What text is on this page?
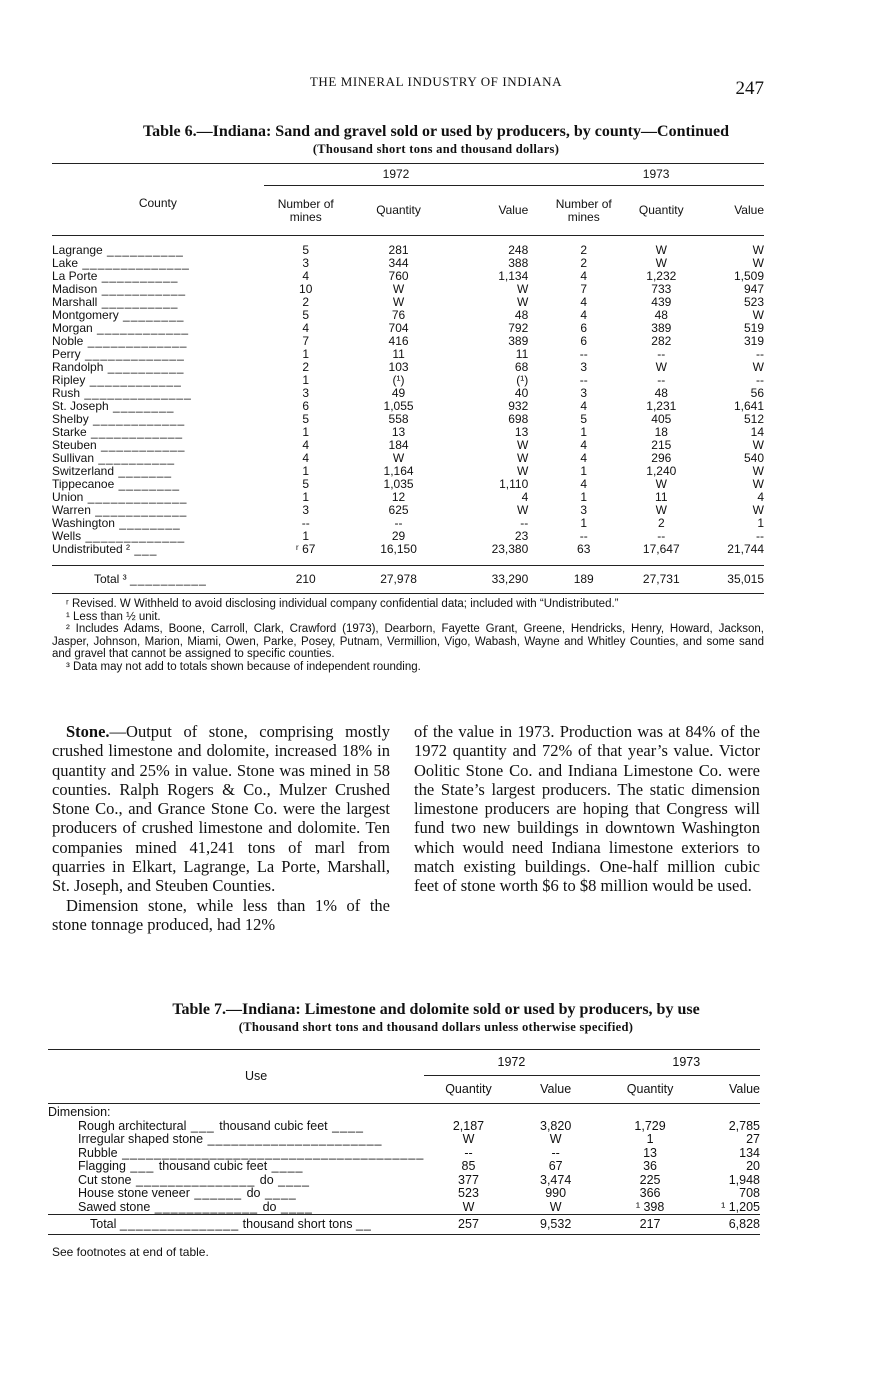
THE MINERAL INDUSTRY OF INDIANA	247
Table 6.—Indiana: Sand and gravel sold or used by producers, by county—Continued
(Thousand short tons and thousand dollars)
County	1972			1973		
	Number of mines	Quantity	Value	Number of mines	Quantity	Value

Lagrange __________	5	281	248	2	W	W
Lake ______________	3	344	388	2	W	W
La Porte __________	4	760	1,134	4	1,232	1,509
Madison ___________	10	W	W	7	733	947
Marshall __________	2	W	W	4	439	523
Montgomery ________	5	76	48	4	48	W
Morgan ____________	4	704	792	6	389	519
Noble _____________	7	416	389	6	282	319
Perry _____________	1	11	11	--	--	--
Randolph __________	2	103	68	3	W	W
Ripley ____________	1	(¹)	(¹)	--	--	--
Rush ______________	3	49	40	3	48	56
St. Joseph ________	6	1,055	932	4	1,231	1,641
Shelby ____________	5	558	698	5	405	512
Starke ____________	1	13	13	1	18	14
Steuben ___________	4	184	W	4	215	W
Sullivan __________	4	W	W	4	296	540
Switzerland _______	1	1,164	W	1	1,240	W
Tippecanoe ________	5	1,035	1,110	4	W	W
Union _____________	1	12	4	1	11	4
Warren ____________	3	625	W	3	W	W
Washington ________	--	--	--	1	2	1
Wells _____________	1	29	23	--	--	--
Undistributed ² ___	ʳ 67	16,150	23,380	63	17,647	21,744

Total ³ __________	210	27,978	33,290	189	27,731	35,015

ʳ Revised. W Withheld to avoid disclosing individual company confidential data; included with “Undistributed.”

¹ Less than ½ unit.

² Includes Adams, Boone, Carroll, Clark, Crawford (1973), Dearborn, Fayette Grant, Greene, Hendricks, Henry, Howard, Jackson, Jasper, Johnson, Marion, Miami, Owen, Parke, Posey, Putnam, Vermillion, Vigo, Wabash, Wayne and Whitley Counties, and some sand and gravel that cannot be assigned to specific counties.

³ Data may not add to totals shown because of independent rounding.

Stone.—Output of stone, comprising mostly crushed limestone and dolomite, increased 18% in quantity and 25% in value. Stone was mined in 58 counties. Ralph Rogers & Co., Mulzer Crushed Stone Co., and Grance Stone Co. were the largest producers of crushed limestone and dolomite. Ten companies mined 41,241 tons of marl from quarries in Elkart, Lagrange, La Porte, Marshall, St. Joseph, and Steuben Counties.

Dimension stone, while less than 1% of the stone tonnage produced, had 12%

of the value in 1973. Production was at 84% of the 1972 quantity and 72% of that year’s value. Victor Oolitic Stone Co. and Indiana Limestone Co. were the State’s largest producers. The static dimension limestone producers are hoping that Congress will fund two new buildings in downtown Washington which would need Indiana limestone exteriors to match existing buildings. One-half million cubic feet of stone worth $6 to $8 million would be used.

Table 7.—Indiana: Limestone and dolomite sold or used by producers, by use
(Thousand short tons and thousand dollars unless otherwise specified)
Use	1972		1973	
	Quantity	Value	Quantity	Value
Dimension:				
Rough architectural ___ thousand cubic feet ____	2,187	3,820	1,729	2,785
Irregular shaped stone ______________________	W	W	1	27
Rubble ______________________________________	--	--	13	134
Flagging ___ thousand cubic feet ____	85	67	36	20
Cut stone _______________ do ____	377	3,474	225	1,948
House stone veneer ______ do ____	523	990	366	708
Sawed stone _____________ do ____	W	W	¹ 398	¹ 1,205
Total _______________ thousand short tons __	257	9,532	217	6,828
See footnotes at end of table.
